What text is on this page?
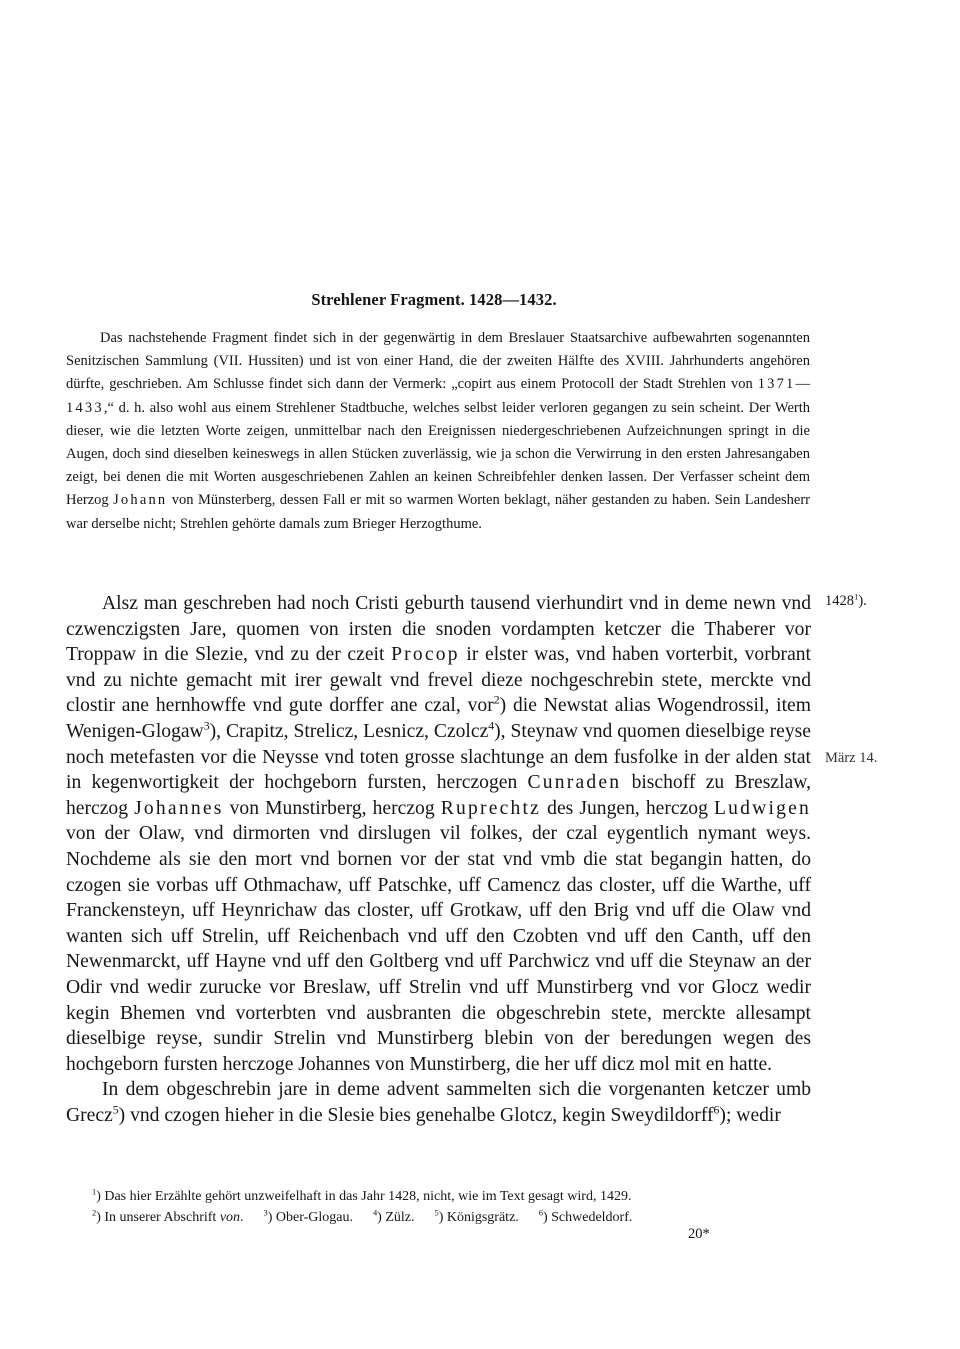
Strehlener Fragment. 1428—1432.

Das nachstehende Fragment findet sich in der gegenwärtig in dem Breslauer Staatsarchive aufbewahrten sogenannten Senitzischen Sammlung (VII. Hussiten) und ist von einer Hand, die der zweiten Hälfte des XVIII. Jahrhunderts angehören dürfte, geschrieben. Am Schlusse findet sich dann der Vermerk: „copirt aus einem Protocoll der Stadt Strehlen von 1371—1433,“ d. h. also wohl aus einem Strehlener Stadtbuche, welches selbst leider verloren gegangen zu sein scheint. Der Werth dieser, wie die letzten Worte zeigen, unmittelbar nach den Ereignissen niedergeschriebenen Aufzeichnungen springt in die Augen, doch sind dieselben keineswegs in allen Stücken zuverlässig, wie ja schon die Verwirrung in den ersten Jahresangaben zeigt, bei denen die mit Worten ausgeschriebenen Zahlen an keinen Schreibfehler denken lassen. Der Verfasser scheint dem Herzog Johann von Münsterberg, dessen Fall er mit so warmen Worten beklagt, näher gestanden zu haben. Sein Landesherr war derselbe nicht; Strehlen gehörte damals zum Brieger Herzogthume.

Alsz man geschreben had noch Cristi geburth tausend vierhundirt vnd in deme newn vnd czwenczigsten Jare, quomen von irsten die snoden vordampten ketczer die Thaberer vor Troppaw in die Slezie, vnd zu der czeit Procop ir elster was, vnd haben vorterbit, vorbrant vnd zu nichte gemacht mit irer gewalt vnd frevel dieze nochgeschrebin stete, merckte vnd clostir ane hernhowffe vnd gute dorffer ane czal, vor$^2$) die Newstat alias Wogendrossil, item Wenigen-Glogaw$^3$), Crapitz, Strelicz, Lesnicz, Czolcz$^4$), Steynaw vnd quomen dieselbige reyse noch metefasten vor die Neysse vnd toten grosse slachtunge an dem fusfolke in der alden stat in kegenwortigkeit der hochgeborn fursten, herczogen Cunraden bischoff zu Breszlaw, herczog Johannes von Munstirberg, herczog Ruprechtz des Jungen, herczog Ludwigen von der Olaw, vnd dirmorten vnd dirslugen vil folkes, der czal eygentlich nymant weys. Nochdeme als sie den mort vnd bornen vor der stat vnd vmb die stat begangin hatten, do czogen sie vorbas uff Othmachaw, uff Patschke, uff Camencz das closter, uff die Warthe, uff Franckensteyn, uff Heynrichaw das closter, uff Grotkaw, uff den Brig vnd uff die Olaw vnd wanten sich uff Strelin, uff Reichenbach vnd uff den Czobten vnd uff den Canth, uff den Newenmarckt, uff Hayne vnd uff den Goltberg vnd uff Parchwicz vnd uff die Steynaw an der Odir vnd wedir zurucke vor Breslaw, uff Strelin vnd uff Munstirberg vnd vor Glocz wedir kegin Bhemen vnd vorterbten vnd ausbranten die obgeschrebin stete, merckte allesampt dieselbige reyse, sundir Strelin vnd Munstirberg blebin von der beredungen wegen des hochgeborn fursten herczoge Johannes von Munstirberg, die her uff dicz mol mit en hatte.

In dem obgeschrebin jare in deme advent sammelten sich die vorgenanten ketczer umb Grecz$^5$) vnd czogen hieher in die Slesie bies genehalbe Glotcz, kegin Sweydildorff$^6$); wedir

1428$^1$).
März 14.
$^1$) Das hier Erzählte gehört unzweifelhaft in das Jahr 1428, nicht, wie im Text gesagt wird, 1429.
$^2$) In unserer Abschrift von. $^3$) Ober-Glogau. $^4$) Zülz. $^5$) Königsgrätz. $^6$) Schwedeldorf.
20*
